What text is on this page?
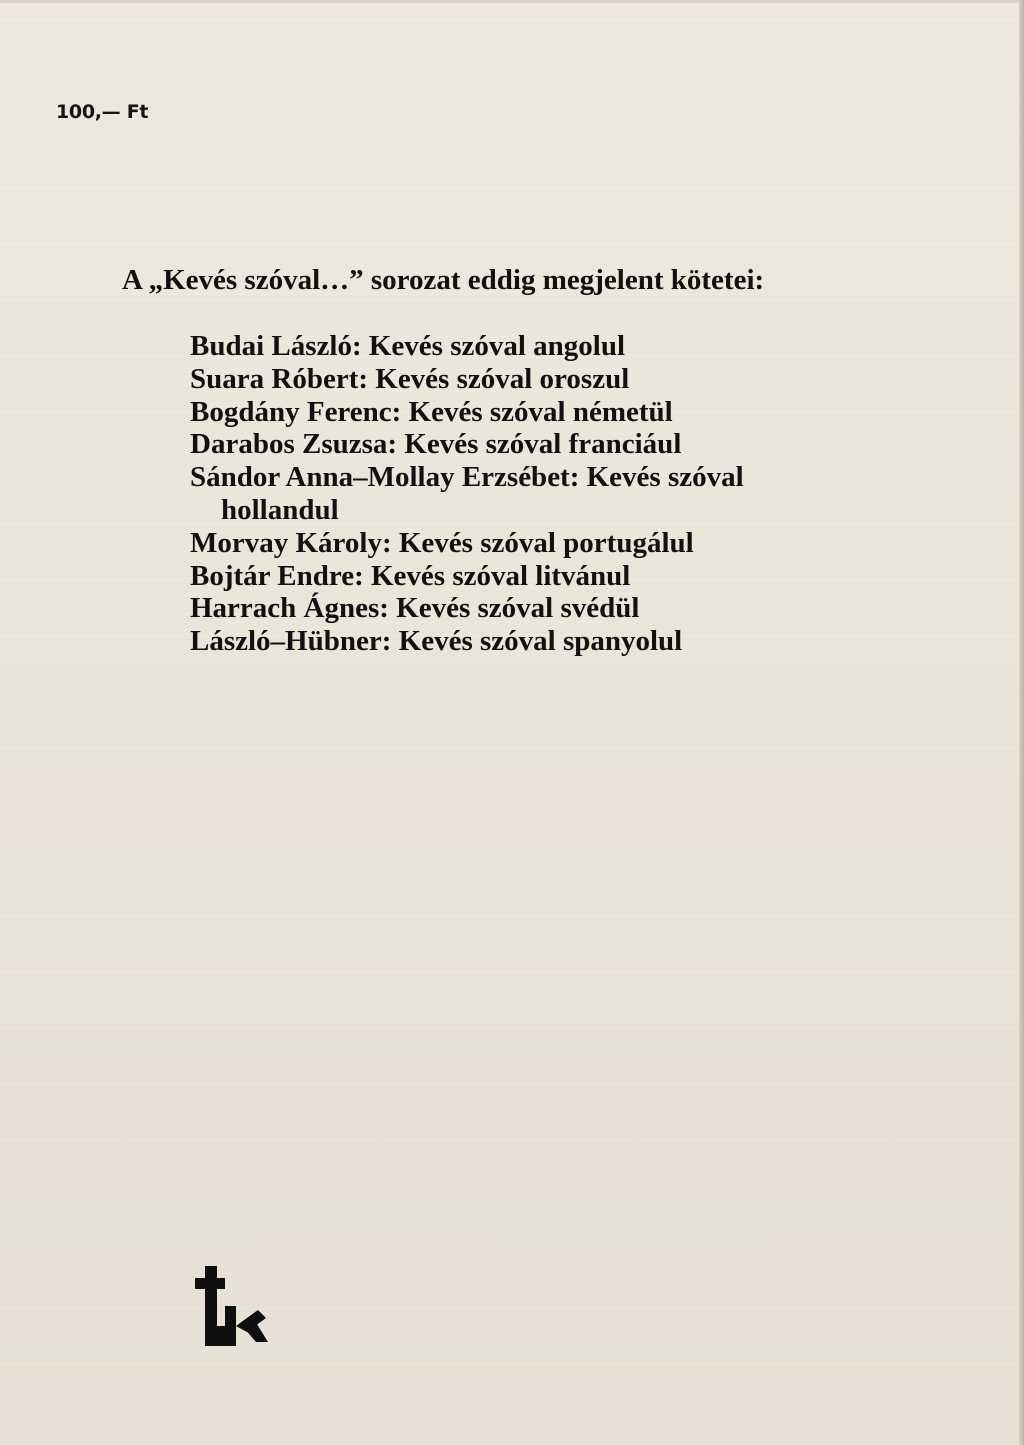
100,— Ft
A „Kevés szóval…” sorozat eddig megjelent kötetei:
Budai László: Kevés szóval angolul
Suara Róbert: Kevés szóval oroszul
Bogdány Ferenc: Kevés szóval németül
Darabos Zsuzsa: Kevés szóval franciául
Sándor Anna–Mollay Erzsébet: Kevés szóval hollandul
Morvay Károly: Kevés szóval portugálul
Bojtár Endre: Kevés szóval litvánul
Harrach Ágnes: Kevés szóval svédül
László–Hübner: Kevés szóval spanyolul
